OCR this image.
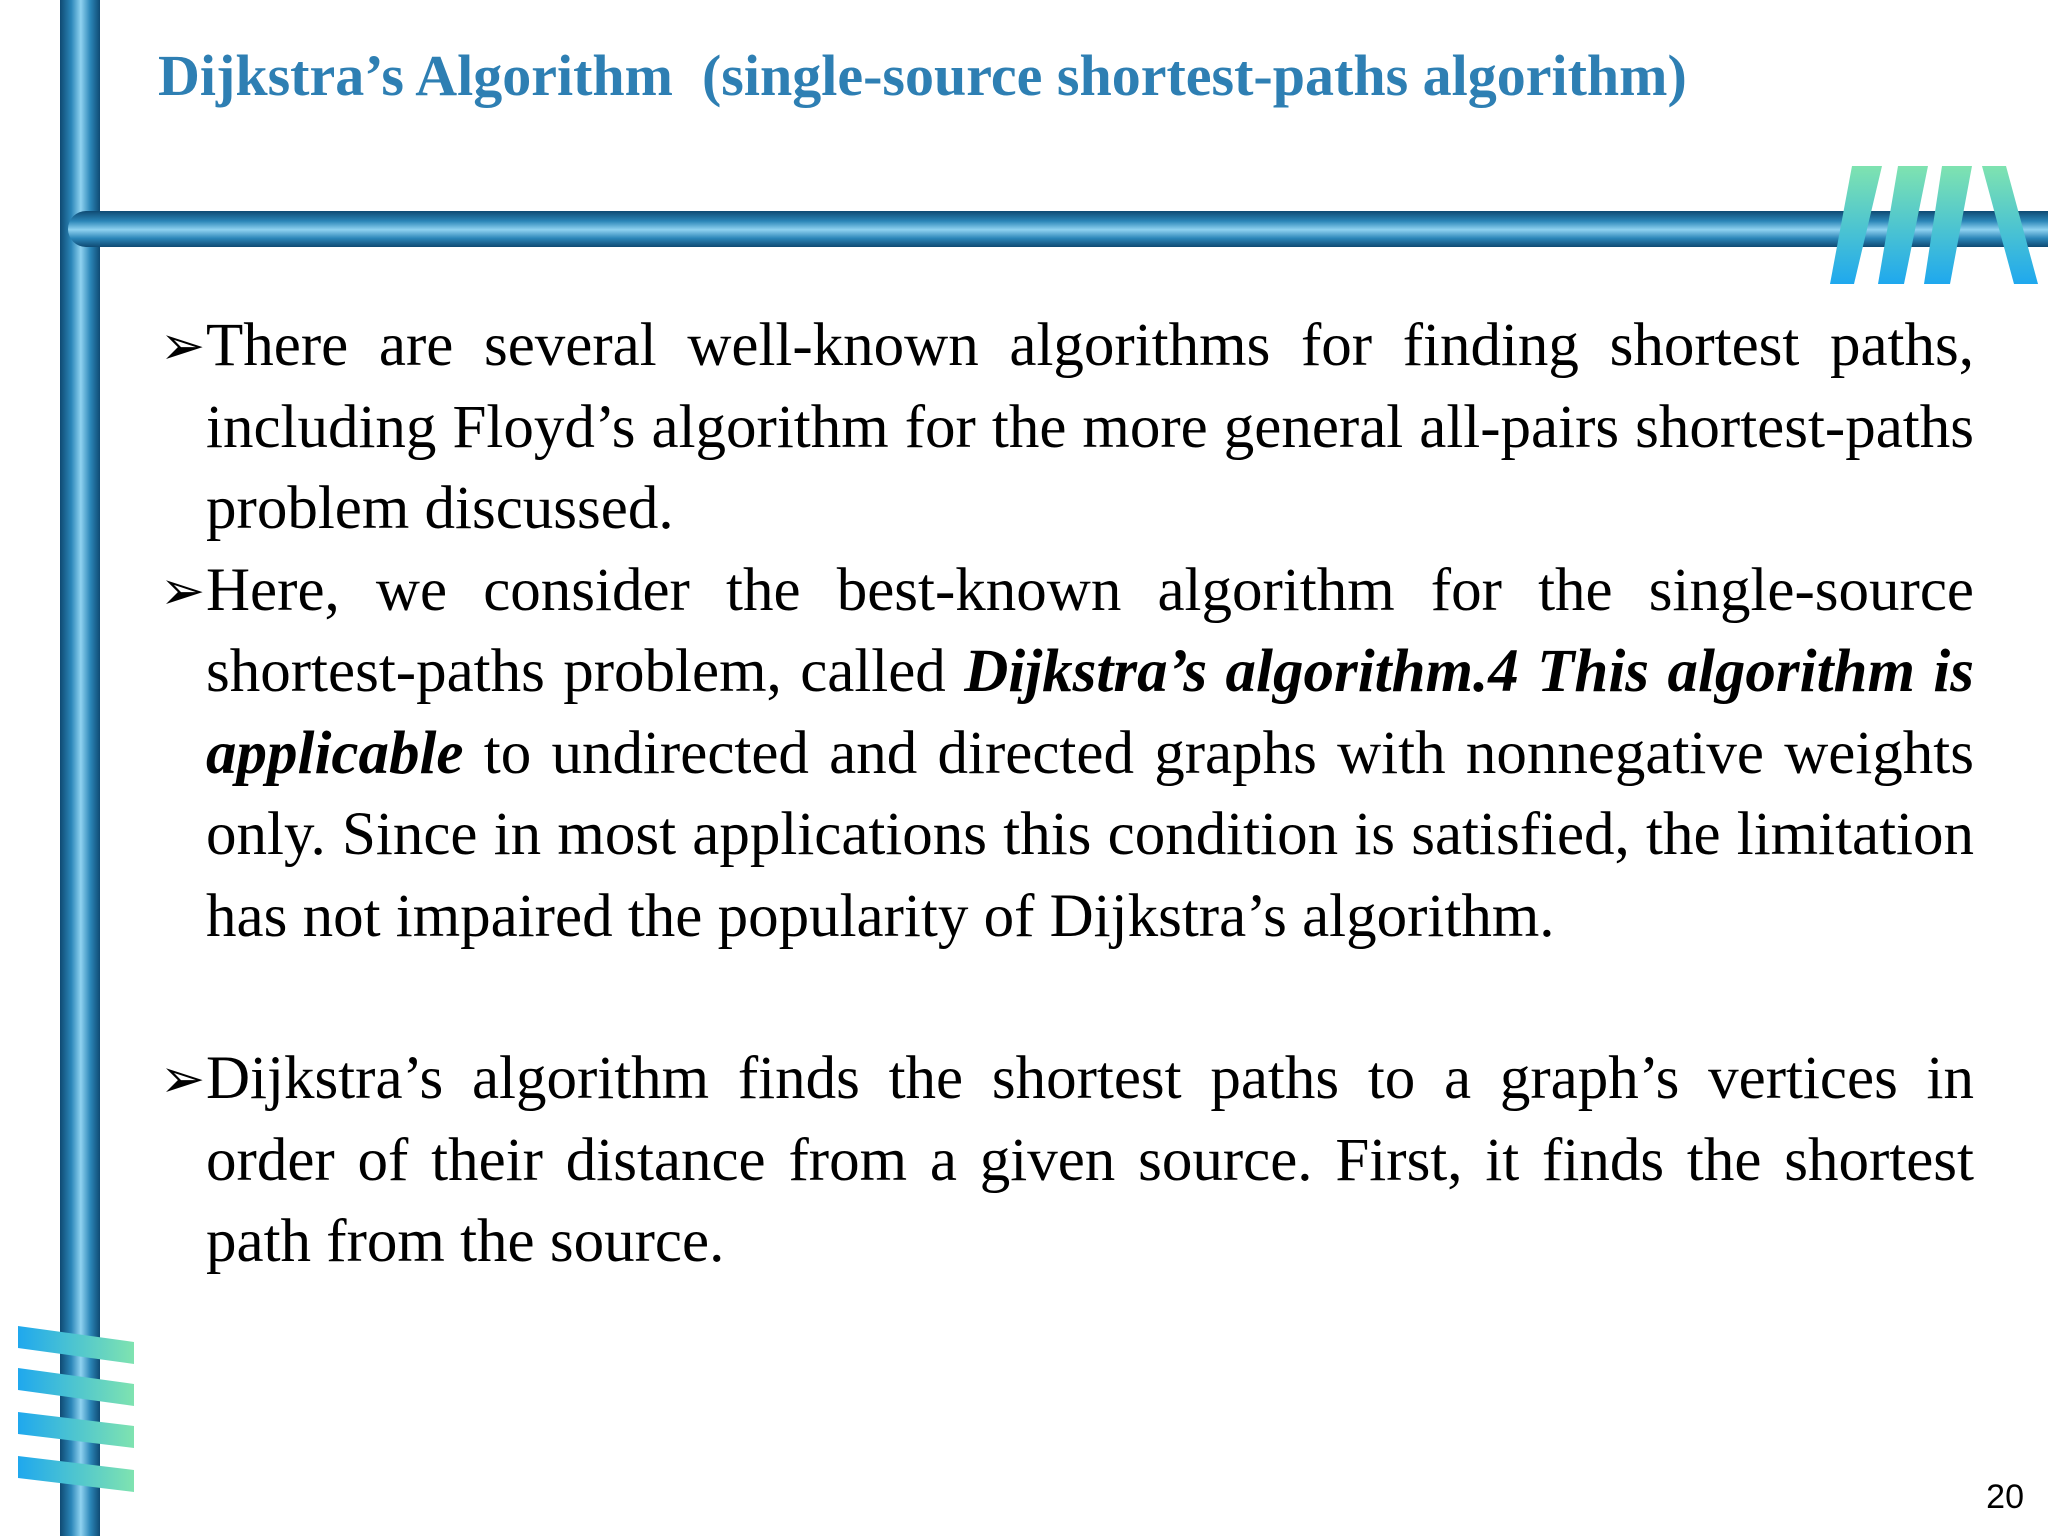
Dijkstra’s Algorithm  (single-source shortest-paths algorithm)
➢ There are several well-known algorithms for finding shortest paths, including Floyd’s algorithm for the more general all-pairs shortest-paths problem discussed.
➢ Here, we consider the best-known algorithm for the single-source shortest-paths problem, called Dijkstra’s algorithm.4 This algorithm is applicable to undirected and directed graphs with nonnegative weights only. Since in most applications this condition is satisfied, the limitation has not impaired the popularity of Dijkstra’s algorithm.
➢ Dijkstra’s algorithm finds the shortest paths to a graph’s vertices in order of their distance from a given source. First, it finds the shortest path from the source.
20
